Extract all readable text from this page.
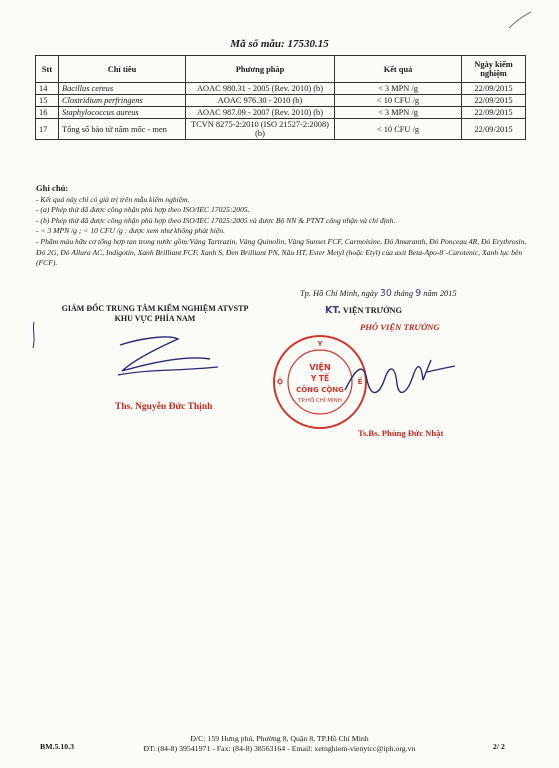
Mã số mẫu: 17530.15
Stt	Chỉ tiêu	Phương pháp	Kết quả	Ngày kiểm nghiệm
14	Bacillus cereus	AOAC 980.31 - 2005 (Rev. 2010) (b)	< 3 MPN /g	22/09/2015
15	Clostridium perfringens	AOAC 976.30 - 2010 (b)	< 10 CFU /g	22/09/2015
16	Staphylococcus aureus	AOAC 987.09 - 2007 (Rev. 2010) (b)	< 3 MPN /g	22/09/2015
17	Tổng số bào tử nấm mốc - men	TCVN 8275-2:2010 (ISO 21527-2:2008) (b)	< 10 CFU /g	22/09/2015
Ghi chú:
- Kết quả này chỉ có giá trị trên mẫu kiểm nghiệm.
- (a) Phép thử đã được công nhận phù hợp theo ISO/IEC 17025:2005.
- (b) Phép thử đã được công nhận phù hợp theo ISO/IEC 17025:2005 và được Bộ NN & PTNT công nhận và chỉ định.
- < 3 MPN /g ; < 10 CFU /g : được xem như không phát hiện.
- Phẩm màu hữu cơ tổng hợp tan trong nước gồm:Vàng Tartrazin, Vàng Quinolin, Vàng Sunset FCF, Carmoisine, Đỏ Amaranth, Đỏ Ponceau 4R, Đỏ Erythrosin, Đỏ 2G, Đỏ Allura AC, Indigotin, Xanh Brilliant FCF, Xanh S, Đen Brilliant PN, Nâu HT, Ester Metyl (hoặc Etyl) của axit Beta-Apo-8`-Carotenic, Xanh lục bền (FCF).
Tp. Hồ Chí Minh, ngày 30 tháng 9 năm 2015
GIÁM ĐỐC TRUNG TÂM KIỂM NGHIỆM ATVSTP
KHU VỰC PHÍA NAM
Ths. Nguyễn Đức Thịnh
KT. VIỆN TRƯỞNG
PHÓ VIỆN TRƯỞNG
Y
Ộ	Ế
VIỆN
Y TẾ
CÔNG CỘNG
TP.HỒ CHÍ MINH
Ts.Bs. Phùng Đức Nhật
Đ/C: 159 Hưng phú, Phường 8, Quận 8, TP.Hồ Chí Minh
ĐT: (84-8) 39541971 - Fax: (84-8) 38563164 - Email: xetnghiem-vienytcc@iph.org.vn
BM.5.10.3	2/ 2
